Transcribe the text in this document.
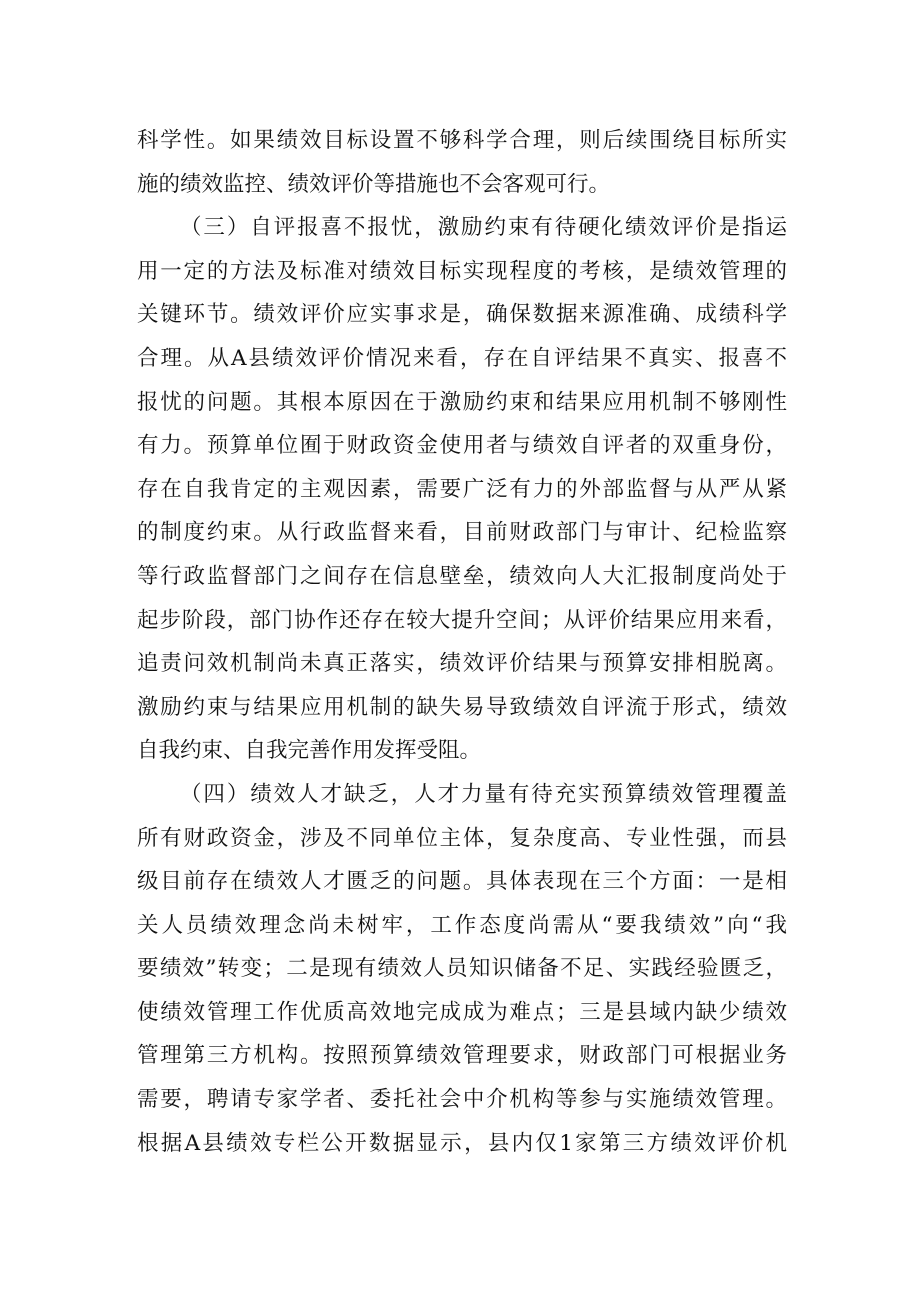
科学性。如果绩效目标设置不够科学合理，则后续围绕目标所实
施的绩效监控、绩效评价等措施也不会客观可行。
（三）自评报喜不报忧，激励约束有待硬化绩效评价是指运
用一定的方法及标准对绩效目标实现程度的考核，是绩效管理的
关键环节。绩效评价应实事求是，确保数据来源准确、成绩科学
合理。从A县绩效评价情况来看，存在自评结果不真实、报喜不
报忧的问题。其根本原因在于激励约束和结果应用机制不够刚性
有力。预算单位囿于财政资金使用者与绩效自评者的双重身份，
存在自我肯定的主观因素，需要广泛有力的外部监督与从严从紧
的制度约束。从行政监督来看，目前财政部门与审计、纪检监察
等行政监督部门之间存在信息壁垒，绩效向人大汇报制度尚处于
起步阶段，部门协作还存在较大提升空间；从评价结果应用来看，
追责问效机制尚未真正落实，绩效评价结果与预算安排相脱离。
激励约束与结果应用机制的缺失易导致绩效自评流于形式，绩效
自我约束、自我完善作用发挥受阻。
（四）绩效人才缺乏，人才力量有待充实预算绩效管理覆盖
所有财政资金，涉及不同单位主体，复杂度高、专业性强，而县
级目前存在绩效人才匮乏的问题。具体表现在三个方面：一是相
关人员绩效理念尚未树牢，工作态度尚需从“要我绩效”向“我
要绩效”转变；二是现有绩效人员知识储备不足、实践经验匮乏，
使绩效管理工作优质高效地完成成为难点；三是县域内缺少绩效
管理第三方机构。按照预算绩效管理要求，财政部门可根据业务
需要，聘请专家学者、委托社会中介机构等参与实施绩效管理。
根据A县绩效专栏公开数据显示，县内仅1家第三方绩效评价机
